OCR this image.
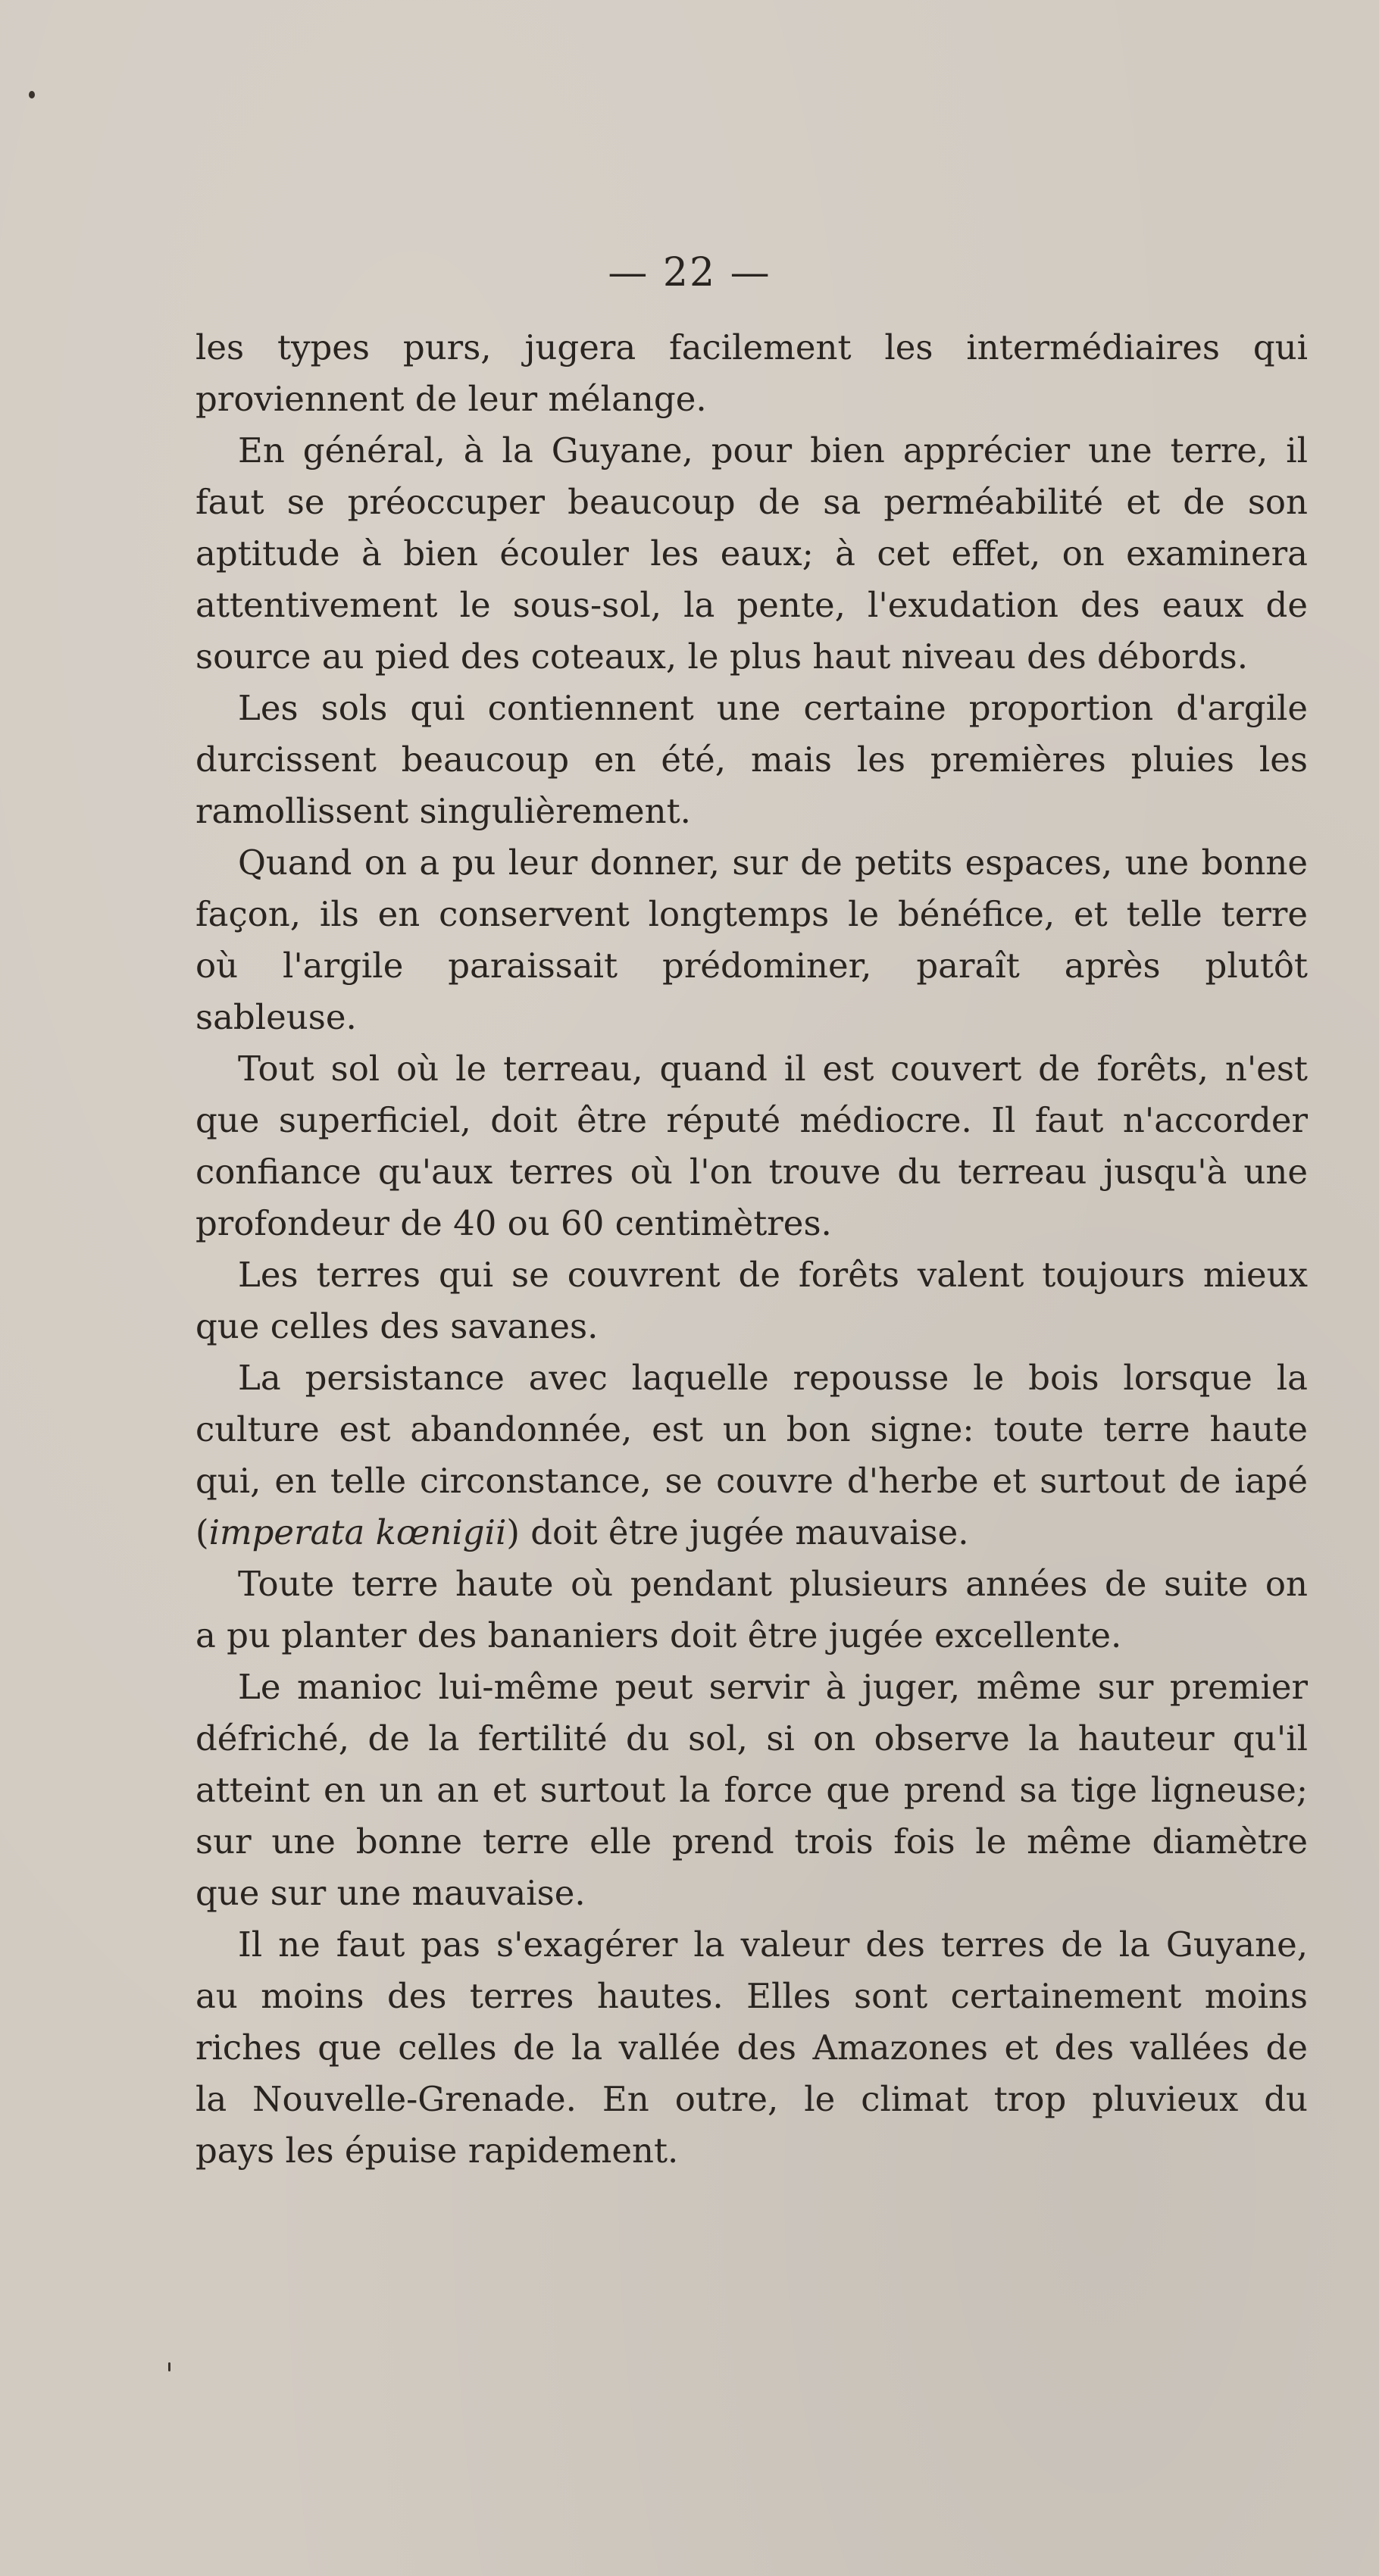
— 22 —
les types purs, jugera facilement les intermédiaires qui
proviennent de leur mélange.
En général, à la Guyane, pour bien apprécier une terre, il
faut se préoccuper beaucoup de sa perméabilité et de son
aptitude à bien écouler les eaux; à cet effet, on examinera
attentivement le sous-sol, la pente, l'exudation des eaux de
source au pied des coteaux, le plus haut niveau des débords.
Les sols qui contiennent une certaine proportion d'argile
durcissent beaucoup en été, mais les premières pluies les
ramollissent singulièrement.
Quand on a pu leur donner, sur de petits espaces, une bonne
façon, ils en conservent longtemps le bénéfice, et telle terre
où l'argile paraissait prédominer, paraît après plutôt
sableuse.
Tout sol où le terreau, quand il est couvert de forêts, n'est
que superficiel, doit être réputé médiocre. Il faut n'accorder
confiance qu'aux terres où l'on trouve du terreau jusqu'à une
profondeur de 40 ou 60 centimètres.
Les terres qui se couvrent de forêts valent toujours mieux
que celles des savanes.
La persistance avec laquelle repousse le bois lorsque la
culture est abandonnée, est un bon signe: toute terre haute
qui, en telle circonstance, se couvre d'herbe et surtout de iapé
(imperata kœnigii) doit être jugée mauvaise.
Toute terre haute où pendant plusieurs années de suite on
a pu planter des bananiers doit être jugée excellente.
Le manioc lui-même peut servir à juger, même sur premier
défriché, de la fertilité du sol, si on observe la hauteur qu'il
atteint en un an et surtout la force que prend sa tige ligneuse;
sur une bonne terre elle prend trois fois le même diamètre
que sur une mauvaise.
Il ne faut pas s'exagérer la valeur des terres de la Guyane,
au moins des terres hautes. Elles sont certainement moins
riches que celles de la vallée des Amazones et des vallées de
la Nouvelle-Grenade. En outre, le climat trop pluvieux du
pays les épuise rapidement.
